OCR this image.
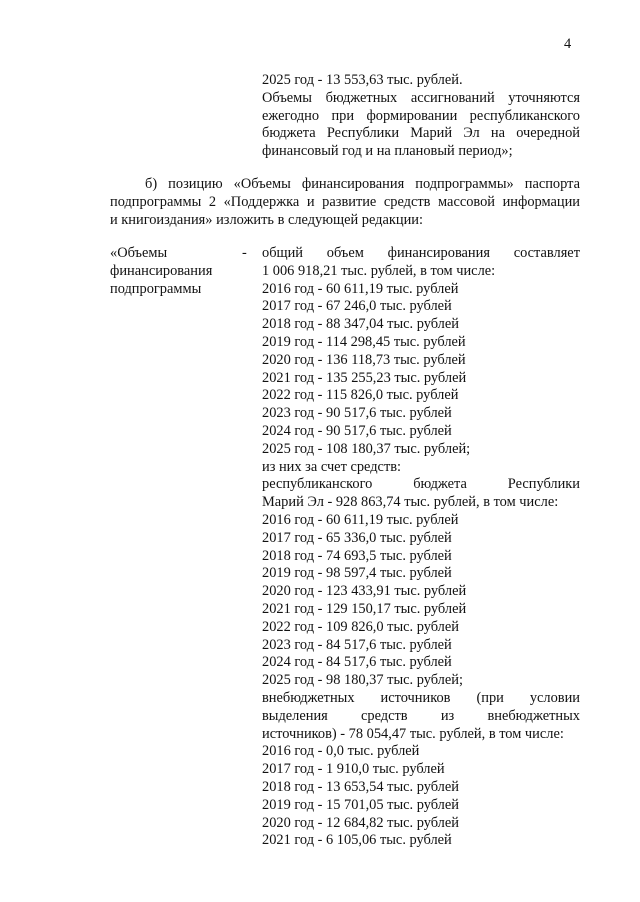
4
2025 год - 13 553,63 тыс. рублей.
Объемы бюджетных ассигнований уточняются
ежегодно при формировании республиканского
бюджета Республики Марий Эл на очередной
финансовый год и на плановый период»;
б) позицию «Объемы финансирования подпрограммы» паспорта
подпрограммы 2 «Поддержка и развитие средств массовой информации
и книгоиздания» изложить в следующей редакции:
«Объемы
финансирования
подпрограммы
- общий объем финансирования составляет
1 006 918,21 тыс. рублей, в том числе:
2016 год - 60 611,19 тыс. рублей
2017 год - 67 246,0 тыс. рублей
2018 год - 88 347,04 тыс. рублей
2019 год - 114 298,45 тыс. рублей
2020 год - 136 118,73 тыс. рублей
2021 год - 135 255,23 тыс. рублей
2022 год - 115 826,0 тыс. рублей
2023 год - 90 517,6 тыс. рублей
2024 год - 90 517,6 тыс. рублей
2025 год - 108 180,37 тыс. рублей;
из них за счет средств:
республиканского бюджета Республики
Марий Эл - 928 863,74 тыс. рублей, в том числе:
2016 год - 60 611,19 тыс. рублей
2017 год - 65 336,0 тыс. рублей
2018 год - 74 693,5 тыс. рублей
2019 год - 98 597,4 тыс. рублей
2020 год - 123 433,91 тыс. рублей
2021 год - 129 150,17 тыс. рублей
2022 год - 109 826,0 тыс. рублей
2023 год - 84 517,6 тыс. рублей
2024 год - 84 517,6 тыс. рублей
2025 год - 98 180,37 тыс. рублей;
внебюджетных источников (при условии
выделения средств из внебюджетных
источников) - 78 054,47 тыс. рублей, в том числе:
2016 год - 0,0 тыс. рублей
2017 год - 1 910,0 тыс. рублей
2018 год - 13 653,54 тыс. рублей
2019 год - 15 701,05 тыс. рублей
2020 год - 12 684,82 тыс. рублей
2021 год - 6 105,06 тыс. рублей
